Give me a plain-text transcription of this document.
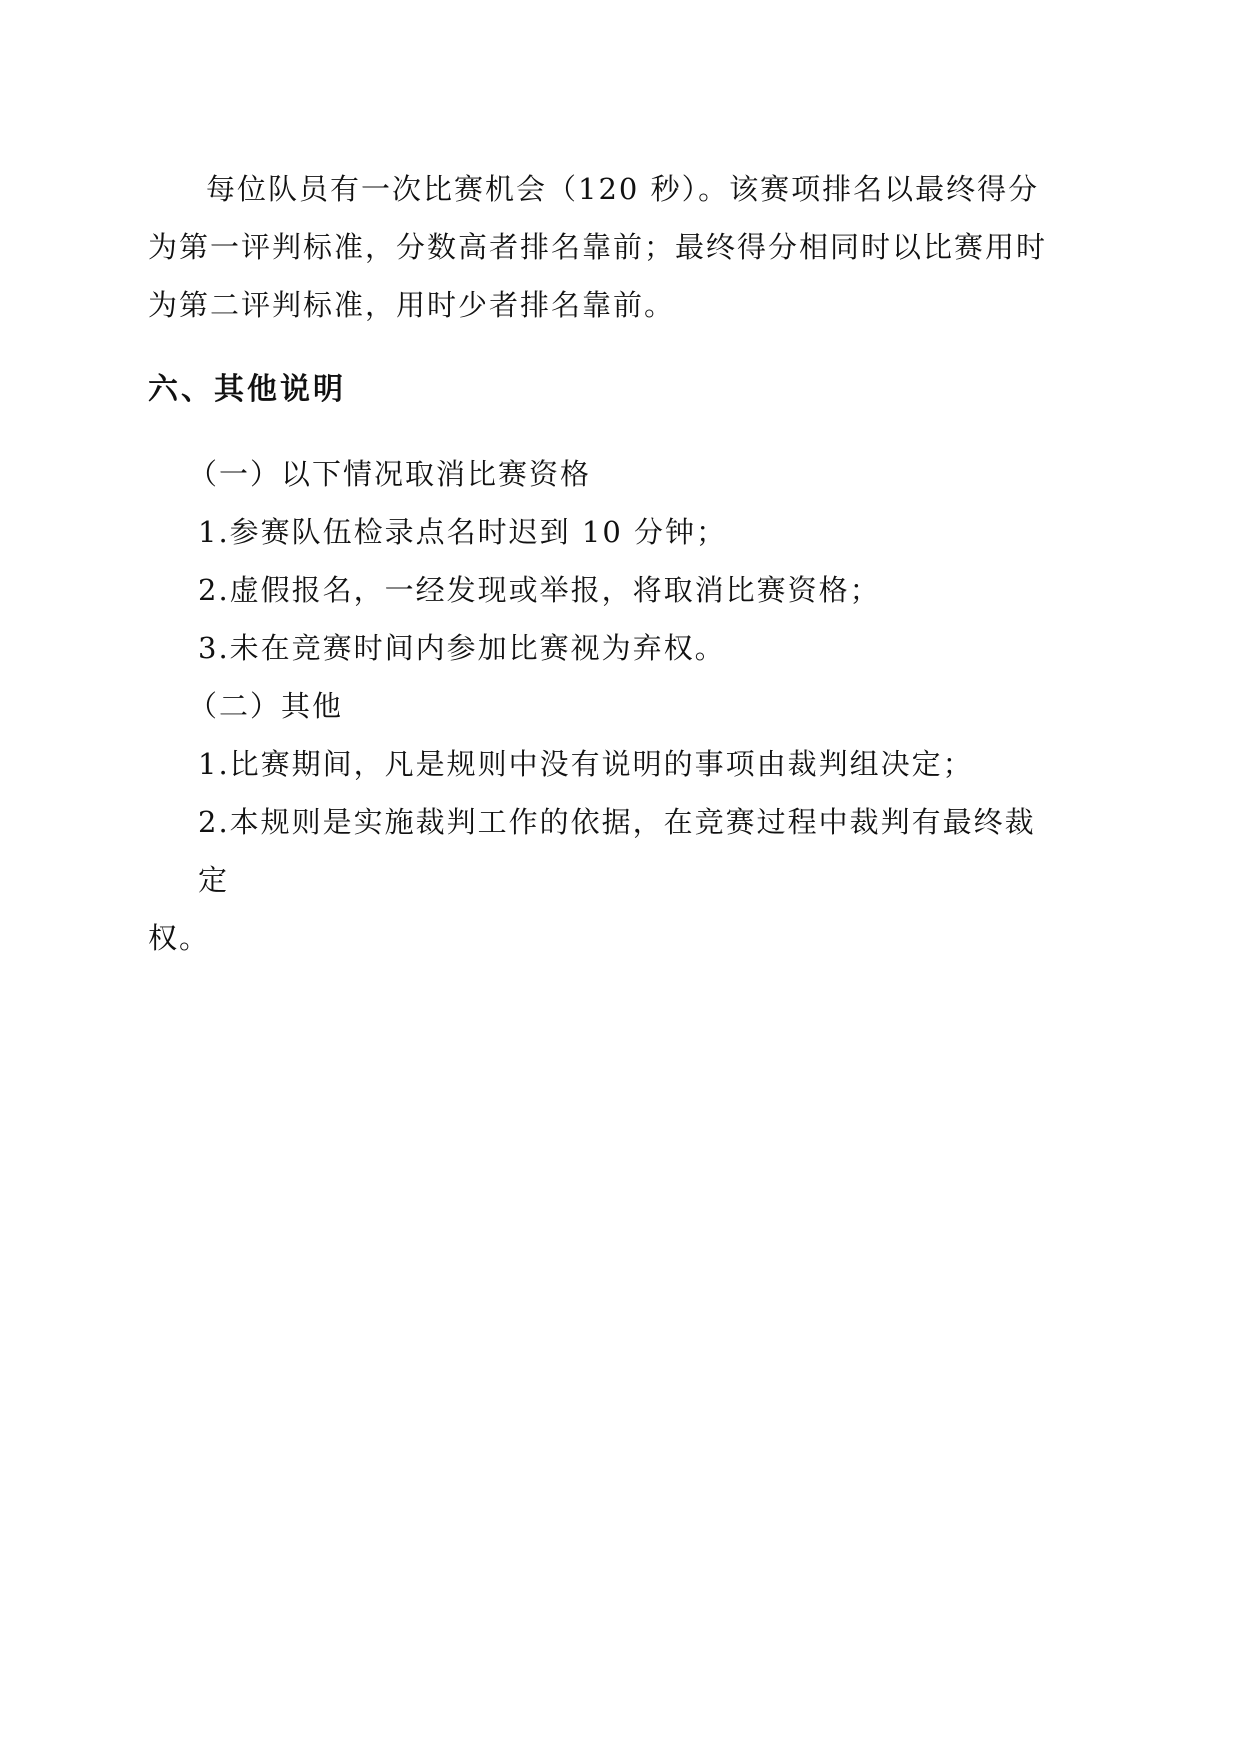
每位队员有一次比赛机会（120 秒）。该赛项排名以最终得分为第一评判标准，分数高者排名靠前；最终得分相同时以比赛用时为第二评判标准，用时少者排名靠前。

六、其他说明
（一）以下情况取消比赛资格
1.参赛队伍检录点名时迟到 10 分钟；
2.虚假报名，一经发现或举报，将取消比赛资格；
3.未在竞赛时间内参加比赛视为弃权。
（二）其他
1.比赛期间，凡是规则中没有说明的事项由裁判组决定；
2.本规则是实施裁判工作的依据，在竞赛过程中裁判有最终裁定
权。
